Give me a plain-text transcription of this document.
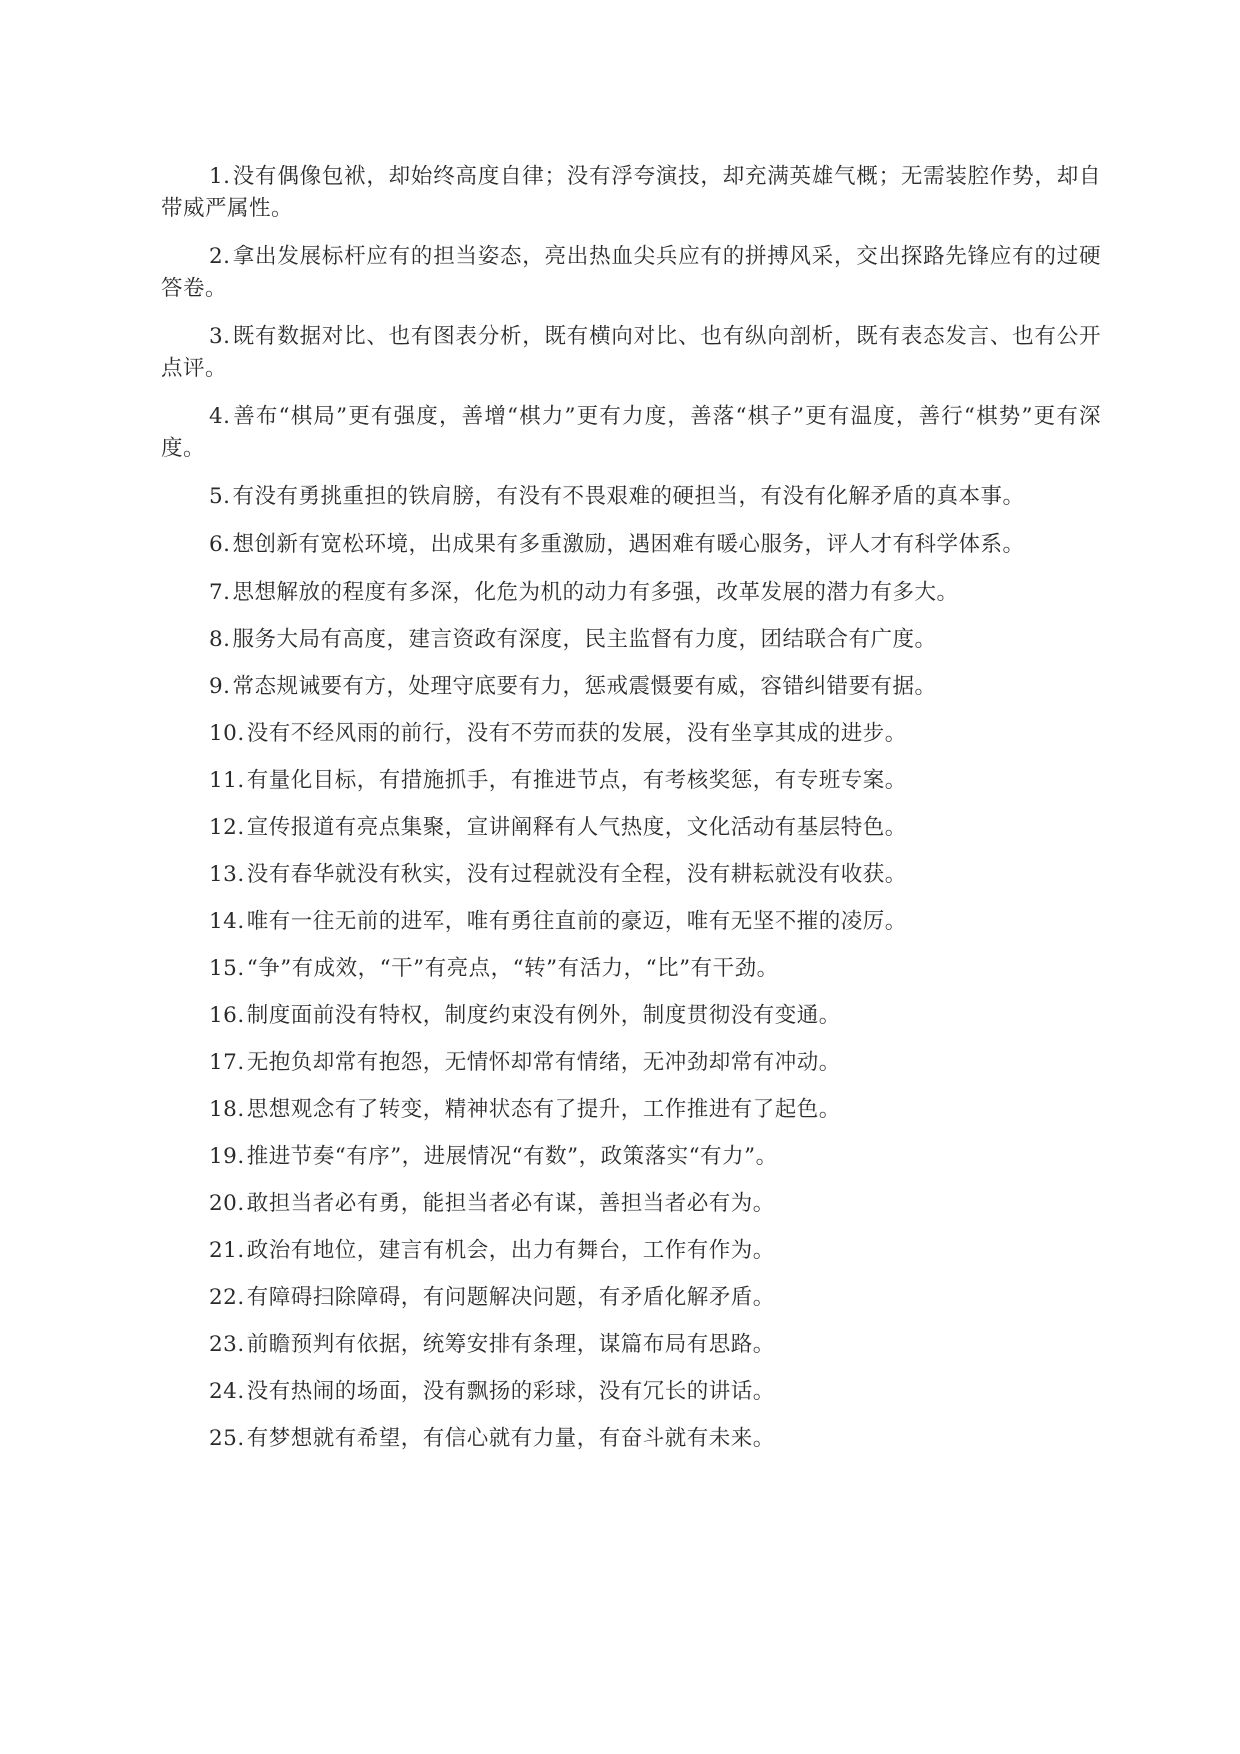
1.没有偶像包袱，却始终高度自律；没有浮夸演技，却充满英雄气概；无需装腔作势，却自带威严属性。

2.拿出发展标杆应有的担当姿态，亮出热血尖兵应有的拼搏风采，交出探路先锋应有的过硬答卷。

3.既有数据对比、也有图表分析，既有横向对比、也有纵向剖析，既有表态发言、也有公开点评。

4.善布“棋局”更有强度，善增“棋力”更有力度，善落“棋子”更有温度，善行“棋势”更有深度。

5.有没有勇挑重担的铁肩膀，有没有不畏艰难的硬担当，有没有化解矛盾的真本事。

6.想创新有宽松环境，出成果有多重激励，遇困难有暖心服务，评人才有科学体系。

7.思想解放的程度有多深，化危为机的动力有多强，改革发展的潜力有多大。

8.服务大局有高度，建言资政有深度，民主监督有力度，团结联合有广度。

9.常态规诫要有方，处理守底要有力，惩戒震慑要有威，容错纠错要有据。

10.没有不经风雨的前行，没有不劳而获的发展，没有坐享其成的进步。

11.有量化目标，有措施抓手，有推进节点，有考核奖惩，有专班专案。

12.宣传报道有亮点集聚，宣讲阐释有人气热度，文化活动有基层特色。

13.没有春华就没有秋实，没有过程就没有全程，没有耕耘就没有收获。

14.唯有一往无前的进军，唯有勇往直前的豪迈，唯有无坚不摧的凌厉。

15.“争”有成效，“干”有亮点，“转”有活力，“比”有干劲。

16.制度面前没有特权，制度约束没有例外，制度贯彻没有变通。

17.无抱负却常有抱怨，无情怀却常有情绪，无冲劲却常有冲动。

18.思想观念有了转变，精神状态有了提升，工作推进有了起色。

19.推进节奏“有序”，进展情况“有数”，政策落实“有力”。

20.敢担当者必有勇，能担当者必有谋，善担当者必有为。

21.政治有地位，建言有机会，出力有舞台，工作有作为。

22.有障碍扫除障碍，有问题解决问题，有矛盾化解矛盾。

23.前瞻预判有依据，统筹安排有条理，谋篇布局有思路。

24.没有热闹的场面，没有飘扬的彩球，没有冗长的讲话。

25.有梦想就有希望，有信心就有力量，有奋斗就有未来。
